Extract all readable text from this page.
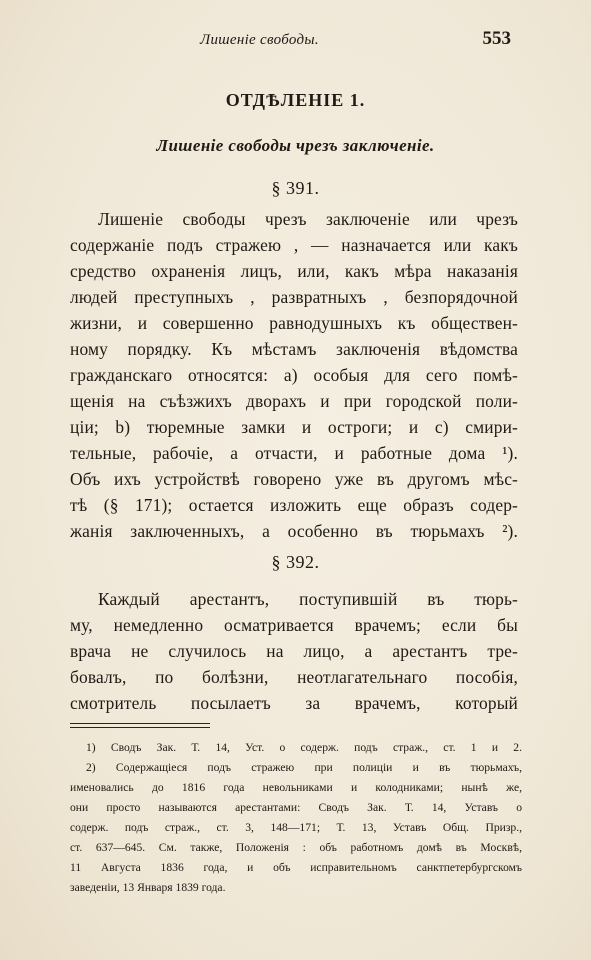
Лишеніе свободы.	553
ОТДѢЛЕНІЕ 1.
Лишеніе свободы чрезъ заключеніе.
§ 391.
Лишеніе свободы чрезъ заключеніе или чрезъ
содержаніе подъ стражею , — назначается или какъ
средство охраненія лицъ, или, какъ мѣра наказанія
людей преступныхъ , развратныхъ , безпорядочной
жизни, и совершенно равнодушныхъ къ обществен-
ному порядку. Къ мѣстамъ заключенія вѣдомства
гражданскаго относятся: а) особыя для сего помѣ-
щенія на съѣзжихъ дворахъ и при городской поли-
ціи; b) тюремные замки и остроги; и с) смири-
тельные, рабочіе, а отчасти, и работные дома ¹).
Объ ихъ устройствѣ говорено уже въ другомъ мѣс-
тѣ (§ 171); остается изложить еще образъ содер-
жанія заключенныхъ, а особенно въ тюрьмахъ ²).
§ 392.
Каждый арестантъ, поступившій въ тюрь-
му, немедленно осматривается врачемъ; если бы
врача не случилось на лицо, а арестантъ тре-
бовалъ, по болѣзни, неотлагательнаго пособія,
смотритель посылаетъ за врачемъ, который
1) Сводъ Зак. Т. 14, Уст. о содерж. подъ страж., ст. 1 и 2.
2) Содержащіеся подъ стражею при полиціи и въ тюрьмахъ,
именовались до 1816 года невольниками и колодниками; нынѣ же,
они просто называются арестантами: Сводъ Зак. Т. 14, Уставъ о
содерж. подъ страж., ст. 3, 148—171; Т. 13, Уставъ Общ. Призр.,
ст. 637—645. См. также, Положенія : объ работномъ домѣ въ Москвѣ,
11 Августа 1836 года, и объ исправительномъ санктпетербургскомъ
заведеніи, 13 Января 1839 года.
